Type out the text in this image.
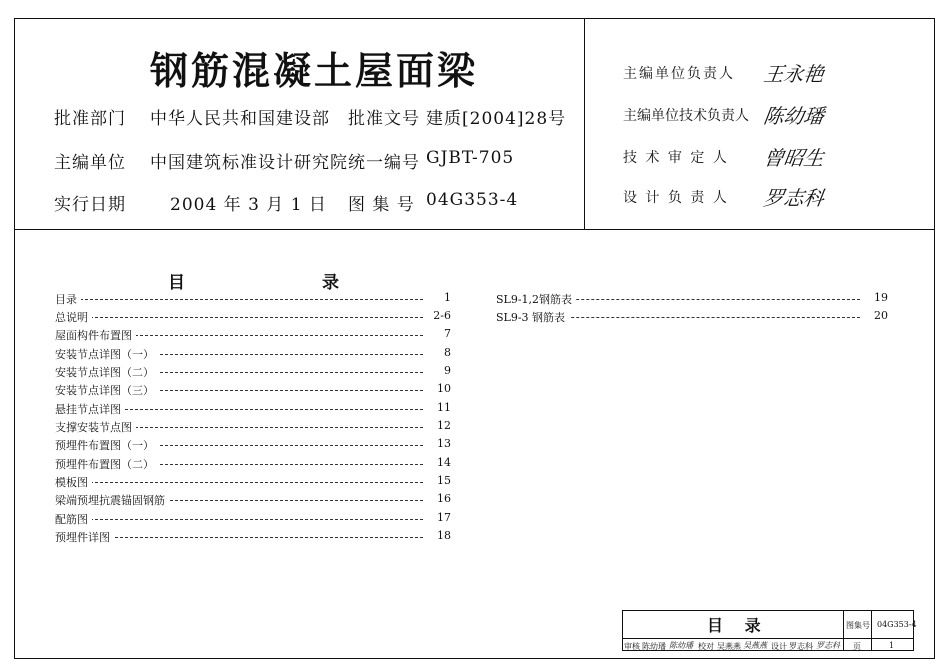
钢筋混凝土屋面梁
批准部门 中华人民共和国建设部 批准文号 建质[2004]28号
主编单位 中国建筑标准设计研究院 统一编号 GJBT-705
实行日期	2004 年 3 月 1 日 图 集 号 04G353-4
主编单位负责人 王永艳
主编单位技术负责人 陈幼璠
技 术 审 定 人 曾昭生
设 计 负 责 人 罗志科
目	录
目录	1
总说明	2-6
屋面构件布置图	7
安装节点详图（一）	8
安装节点详图（二）	9
安装节点详图（三）	10
悬挂节点详图	11
支撑安装节点图	12
预埋件布置图（一）	13
预埋件布置图（二）	14
模板图	15
梁端预埋抗震锚固钢筋	16
配筋图	17
预埋件详图	18
SL9-1,2钢筋表	19
SL9-3 钢筋表	20
目 录	图集号 04G353-4
审核 陈幼璠 陈幼璠 校对 吴燕燕 吴燕燕 设计 罗志科 罗志科 页	1
